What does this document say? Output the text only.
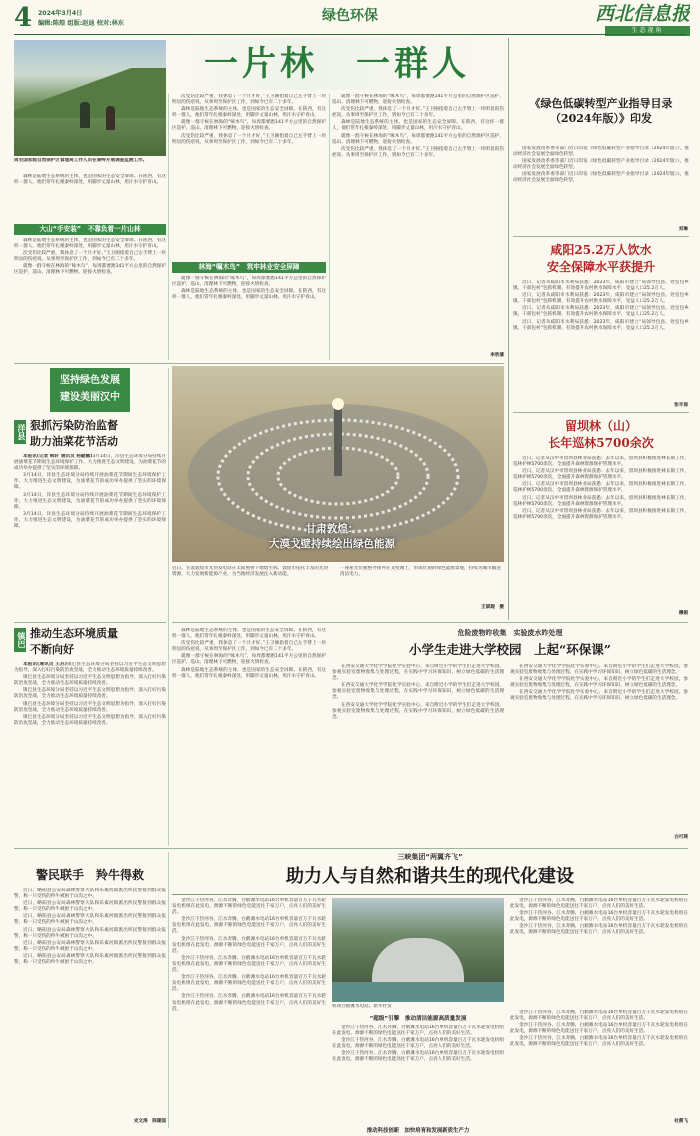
4 2024年3月4日
编辑:陈煌 组版:赵迪 校对:林东	绿色环保	西北信息报
生态视角
一片林　一群人
周至国家级自然保护区管理局工作人员在秦岭开展调查监测工作。

森林是陆地生态系统的主体，也是国家的生态安全屏障。在陕西，有这样一群人，他们常年扎根秦岭深处，用脚步丈量山林，用汗水守护青山。

大山“手安装”　不靠负着一片山林

森林是陆地生态系统的主体，也是国家的生态安全屏障。在陕西，有这样一群人，他们常年扎根秦岭深处，用脚步丈量山林，用汗水守护青山。

次受伤比较严重，我休息了一个月才好。”王卫刚指着自己左手臂上一块明显的伤疤说。从事周至保护区工作，到如今已有二十多年。

就像一群守候在林海的“啄木鸟”，每周都要跑141平方公里的自然保护区巡护，巡山、清理林下可燃物，迎接火情检查。

次受伤比较严重，我休息了一个月才好。”王卫刚指着自己左手臂上一块明显的伤疤说。从事周至保护区工作，到如今已有二十多年。

森林是陆地生态系统的主体，也是国家的生态安全屏障。在陕西，有这样一群人，他们常年扎根秦岭深处，用脚步丈量山林，用汗水守护青山。

就像一群守候在林海的“啄木鸟”，每周都要跑141平方公里的自然保护区巡护，巡山、清理林下可燃物，迎接火情检查。

次受伤比较严重，我休息了一个月才好。”王卫刚指着自己左手臂上一块明显的伤疤说。从事周至保护区工作，到如今已有二十多年。

林海“嘱木鸟”　筑牢林业安全屏障

就像一群守候在林海的“啄木鸟”，每周都要跑141平方公里的自然保护区巡护，巡山、清理林下可燃物，迎接火情检查。

森林是陆地生态系统的主体，也是国家的生态安全屏障。在陕西，有这样一群人，他们常年扎根秦岭深处，用脚步丈量山林，用汗水守护青山。

就像一群守候在林海的“啄木鸟”，每周都要跑141平方公里的自然保护区巡护，巡山、清理林下可燃物，迎接火情检查。

次受伤比较严重，我休息了一个月才好。”王卫刚指着自己左手臂上一块明显的伤疤说。从事周至保护区工作，到如今已有二十多年。

森林是陆地生态系统的主体，也是国家的生态安全屏障。在陕西，有这样一群人，他们常年扎根秦岭深处，用脚步丈量山林，用汗水守护青山。

就像一群守候在林海的“啄木鸟”，每周都要跑141平方公里的自然保护区巡护，巡山、清理林下可燃物，迎接火情检查。

次受伤比较严重，我休息了一个月才好。”王卫刚指着自己左手臂上一块明显的伤疤说。从事周至保护区工作，到如今已有二十多年。

李欣蒲
《绿色低碳转型产业指导目录（2024年版）》印发

国家发展改革委等部门近日印发《绿色低碳转型产业指导目录（2024年版）》，推动经济社会发展全面绿色转型。

国家发展改革委等部门近日印发《绿色低碳转型产业指导目录（2024年版）》，推动经济社会发展全面绿色转型。

国家发展改革委等部门近日印发《绿色低碳转型产业指导目录（2024年版）》，推动经济社会发展全面绿色转型。

刘琳
咸阳25.2万人饮水
安全保障水平获提升

近日，记者从咸阳市水利局获悉：2023年，咸阳市建立“局领导包县、处室包乡镇、干部包村”包抓机制，有效提升农村供水保障水平，受益人口25.2万人。

近日，记者从咸阳市水利局获悉：2023年，咸阳市建立“局领导包县、处室包乡镇、干部包村”包抓机制，有效提升农村供水保障水平，受益人口25.2万人。

近日，记者从咸阳市水利局获悉：2023年，咸阳市建立“局领导包县、处室包乡镇、干部包村”包抓机制，有效提升农村供水保障水平，受益人口25.2万人。

近日，记者从咸阳市水利局获悉：2023年，咸阳市建立“局领导包县、处室包乡镇、干部包村”包抓机制，有效提升农村供水保障水平，受益人口25.2万人。

张丰保
留坝林（山）
长年巡林5700余次

近日，记者从汉中市留坝县林业局获悉：去年以来，留坝县积极推进林长制工作，巡林护林5700余次，全面提升森林资源保护管理水平。

近日，记者从汉中市留坝县林业局获悉：去年以来，留坝县积极推进林长制工作，巡林护林5700余次，全面提升森林资源保护管理水平。

近日，记者从汉中市留坝县林业局获悉：去年以来，留坝县积极推进林长制工作，巡林护林5700余次，全面提升森林资源保护管理水平。

近日，记者从汉中市留坝县林业局获悉：去年以来，留坝县积极推进林长制工作，巡林护林5700余次，全面提升森林资源保护管理水平。

近日，记者从汉中市留坝县林业局获悉：去年以来，留坝县积极推进林长制工作，巡林护林5700余次，全面提升森林资源保护管理水平。

穆娟
坚持绿色发展
建设美丽汉中
洋县 狠抓污染防治监督
助力油菜花节活动

本报讯(记者 韩轩 通讯员 杨勤鹏)3月14日，洋县生态环境分局持续开展油菜花节期间生态环境保护工作，大力推进生态文明建设，为油菜花节的成功举办提供了坚实的环境保障。

3月14日，洋县生态环境分局持续开展油菜花节期间生态环境保护工作，大力推进生态文明建设，为油菜花节的成功举办提供了坚实的环境保障。

3月14日，洋县生态环境分局持续开展油菜花节期间生态环境保护工作，大力推进生态文明建设，为油菜花节的成功举办提供了坚实的环境保障。

3月14日，洋县生态环境分局持续开展油菜花节期间生态环境保护工作，大力推进生态文明建设，为油菜花节的成功举办提供了坚实的环境保障。

镇巴 推动生态环境质量
不断向好

本报讯(通讯员 王苏)镇巴县生态环境分局坚持以习近平生态文明思想为指导，深入打好污染防治攻坚战，全力推动生态环境质量持续改善。

镇巴县生态环境分局坚持以习近平生态文明思想为指导，深入打好污染防治攻坚战，全力推动生态环境质量持续改善。

镇巴县生态环境分局坚持以习近平生态文明思想为指导，深入打好污染防治攻坚战，全力推动生态环境质量持续改善。

镇巴县生态环境分局坚持以习近平生态文明思想为指导，深入打好污染防治攻坚战，全力推动生态环境质量持续改善。

镇巴县生态环境分局坚持以习近平生态文明思想为指导，深入打好污染防治攻坚战，全力推动生态环境质量持续改善。

甘肃敦煌：
大漠戈壁持续绘出绿色能源
近日，甘肃敦煌市光热发电站在太阳照射下熠熠生辉。敦煌市依托丰富的光热资源，大力发展新能源产业，为当地经济发展注入新动能。
一座座光伏板整齐排列在戈壁滩上，形成壮观的绿色能源景观，持续为城市输送清洁电力。
王斌瑕　摄

森林是陆地生态系统的主体，也是国家的生态安全屏障。在陕西，有这样一群人，他们常年扎根秦岭深处，用脚步丈量山林，用汗水守护青山。

次受伤比较严重，我休息了一个月才好。”王卫刚指着自己左手臂上一块明显的伤疤说。从事周至保护区工作，到如今已有二十多年。

就像一群守候在林海的“啄木鸟”，每周都要跑141平方公里的自然保护区巡护，巡山、清理林下可燃物，迎接火情检查。

森林是陆地生态系统的主体，也是国家的生态安全屏障。在陕西，有这样一群人，他们常年扎根秦岭深处，用脚步丈量山林，用汗水守护青山。

危险废物昨收集　实验废水昨处理
小学生走进大学校园　上起“环保课”

在西安交通大学化学学院化学实验中心，来自附近小学的学生们走进大学校园，参观实验室废物收集与处理过程，在实践中学习环保知识，树立绿色低碳的生活理念。

在西安交通大学化学学院化学实验中心，来自附近小学的学生们走进大学校园，参观实验室废物收集与处理过程，在实践中学习环保知识，树立绿色低碳的生活理念。

在西安交通大学化学学院化学实验中心，来自附近小学的学生们走进大学校园，参观实验室废物收集与处理过程，在实践中学习环保知识，树立绿色低碳的生活理念。

在西安交通大学化学学院化学实验中心，来自附近小学的学生们走进大学校园，参观实验室废物收集与处理过程，在实践中学习环保知识，树立绿色低碳的生活理念。

在西安交通大学化学学院化学实验中心，来自附近小学的学生们走进大学校园，参观实验室废物收集与处理过程，在实践中学习环保知识，树立绿色低碳的生活理念。

在西安交通大学化学学院化学实验中心，来自附近小学的学生们走进大学校园，参观实验室废物收集与处理过程，在实践中学习环保知识，树立绿色低碳的生活理念。

白可瑛
三峡集团“两翼齐飞”
助力人与自然和谐共生的现代化建设
警民联手　羚牛得救

近日，略阳县公安局森林警察大队和乐素河镇派出所民警接到群众报警，称一只受伤的羚牛被困于山沟之中。

近日，略阳县公安局森林警察大队和乐素河镇派出所民警接到群众报警，称一只受伤的羚牛被困于山沟之中。

近日，略阳县公安局森林警察大队和乐素河镇派出所民警接到群众报警，称一只受伤的羚牛被困于山沟之中。

近日，略阳县公安局森林警察大队和乐素河镇派出所民警接到群众报警，称一只受伤的羚牛被困于山沟之中。

近日，略阳县公安局森林警察大队和乐素河镇派出所民警接到群众报警，称一只受伤的羚牛被困于山沟之中。

近日，略阳县公安局森林警察大队和乐素河镇派出所民警接到群众报警，称一只受伤的羚牛被困于山沟之中。

史文涛　陈建国

金沙江干热河谷，江水奔腾，白鹤滩水电站16台单机容量百万千瓦水轮发电机组在此发电，源源不断的绿色电能送往千家万户，点亮人们的美好生活。

金沙江干热河谷，江水奔腾，白鹤滩水电站16台单机容量百万千瓦水轮发电机组在此发电，源源不断的绿色电能送往千家万户，点亮人们的美好生活。

金沙江干热河谷，江水奔腾，白鹤滩水电站16台单机容量百万千瓦水轮发电机组在此发电，源源不断的绿色电能送往千家万户，点亮人们的美好生活。

金沙江干热河谷，江水奔腾，白鹤滩水电站16台单机容量百万千瓦水轮发电机组在此发电，源源不断的绿色电能送往千家万户，点亮人们的美好生活。

金沙江干热河谷，江水奔腾，白鹤滩水电站16台单机容量百万千瓦水轮发电机组在此发电，源源不断的绿色电能送往千家万户，点亮人们的美好生活。

金沙江干热河谷，江水奔腾，白鹤滩水电站16台单机容量百万千瓦水轮发电机组在此发电，源源不断的绿色电能送往千家万户，点亮人们的美好生活。

机场白鹤滩水电站。新华社发
“超级”引擎　推动清洁能源高质量发展

金沙江干热河谷，江水奔腾，白鹤滩水电站16台单机容量百万千瓦水轮发电机组在此发电，源源不断的绿色电能送往千家万户，点亮人们的美好生活。

金沙江干热河谷，江水奔腾，白鹤滩水电站16台单机容量百万千瓦水轮发电机组在此发电，源源不断的绿色电能送往千家万户，点亮人们的美好生活。

金沙江干热河谷，江水奔腾，白鹤滩水电站16台单机容量百万千瓦水轮发电机组在此发电，源源不断的绿色电能送往千家万户，点亮人们的美好生活。

金沙江干热河谷，江水奔腾，白鹤滩水电站16台单机容量百万千瓦水轮发电机组在此发电，源源不断的绿色电能送往千家万户，点亮人们的美好生活。

金沙江干热河谷，江水奔腾，白鹤滩水电站16台单机容量百万千瓦水轮发电机组在此发电，源源不断的绿色电能送往千家万户，点亮人们的美好生活。

金沙江干热河谷，江水奔腾，白鹤滩水电站16台单机容量百万千瓦水轮发电机组在此发电，源源不断的绿色电能送往千家万户，点亮人们的美好生活。

金沙江干热河谷，江水奔腾，白鹤滩水电站16台单机容量百万千瓦水轮发电机组在此发电，源源不断的绿色电能送往千家万户，点亮人们的美好生活。

金沙江干热河谷，江水奔腾，白鹤滩水电站16台单机容量百万千瓦水轮发电机组在此发电，源源不断的绿色电能送往千家万户，点亮人们的美好生活。

金沙江干热河谷，江水奔腾，白鹤滩水电站16台单机容量百万千瓦水轮发电机组在此发电，源源不断的绿色电能送往千家万户，点亮人们的美好生活。

杜燕飞
推动科技创新　加快培育和发展新质生产力
